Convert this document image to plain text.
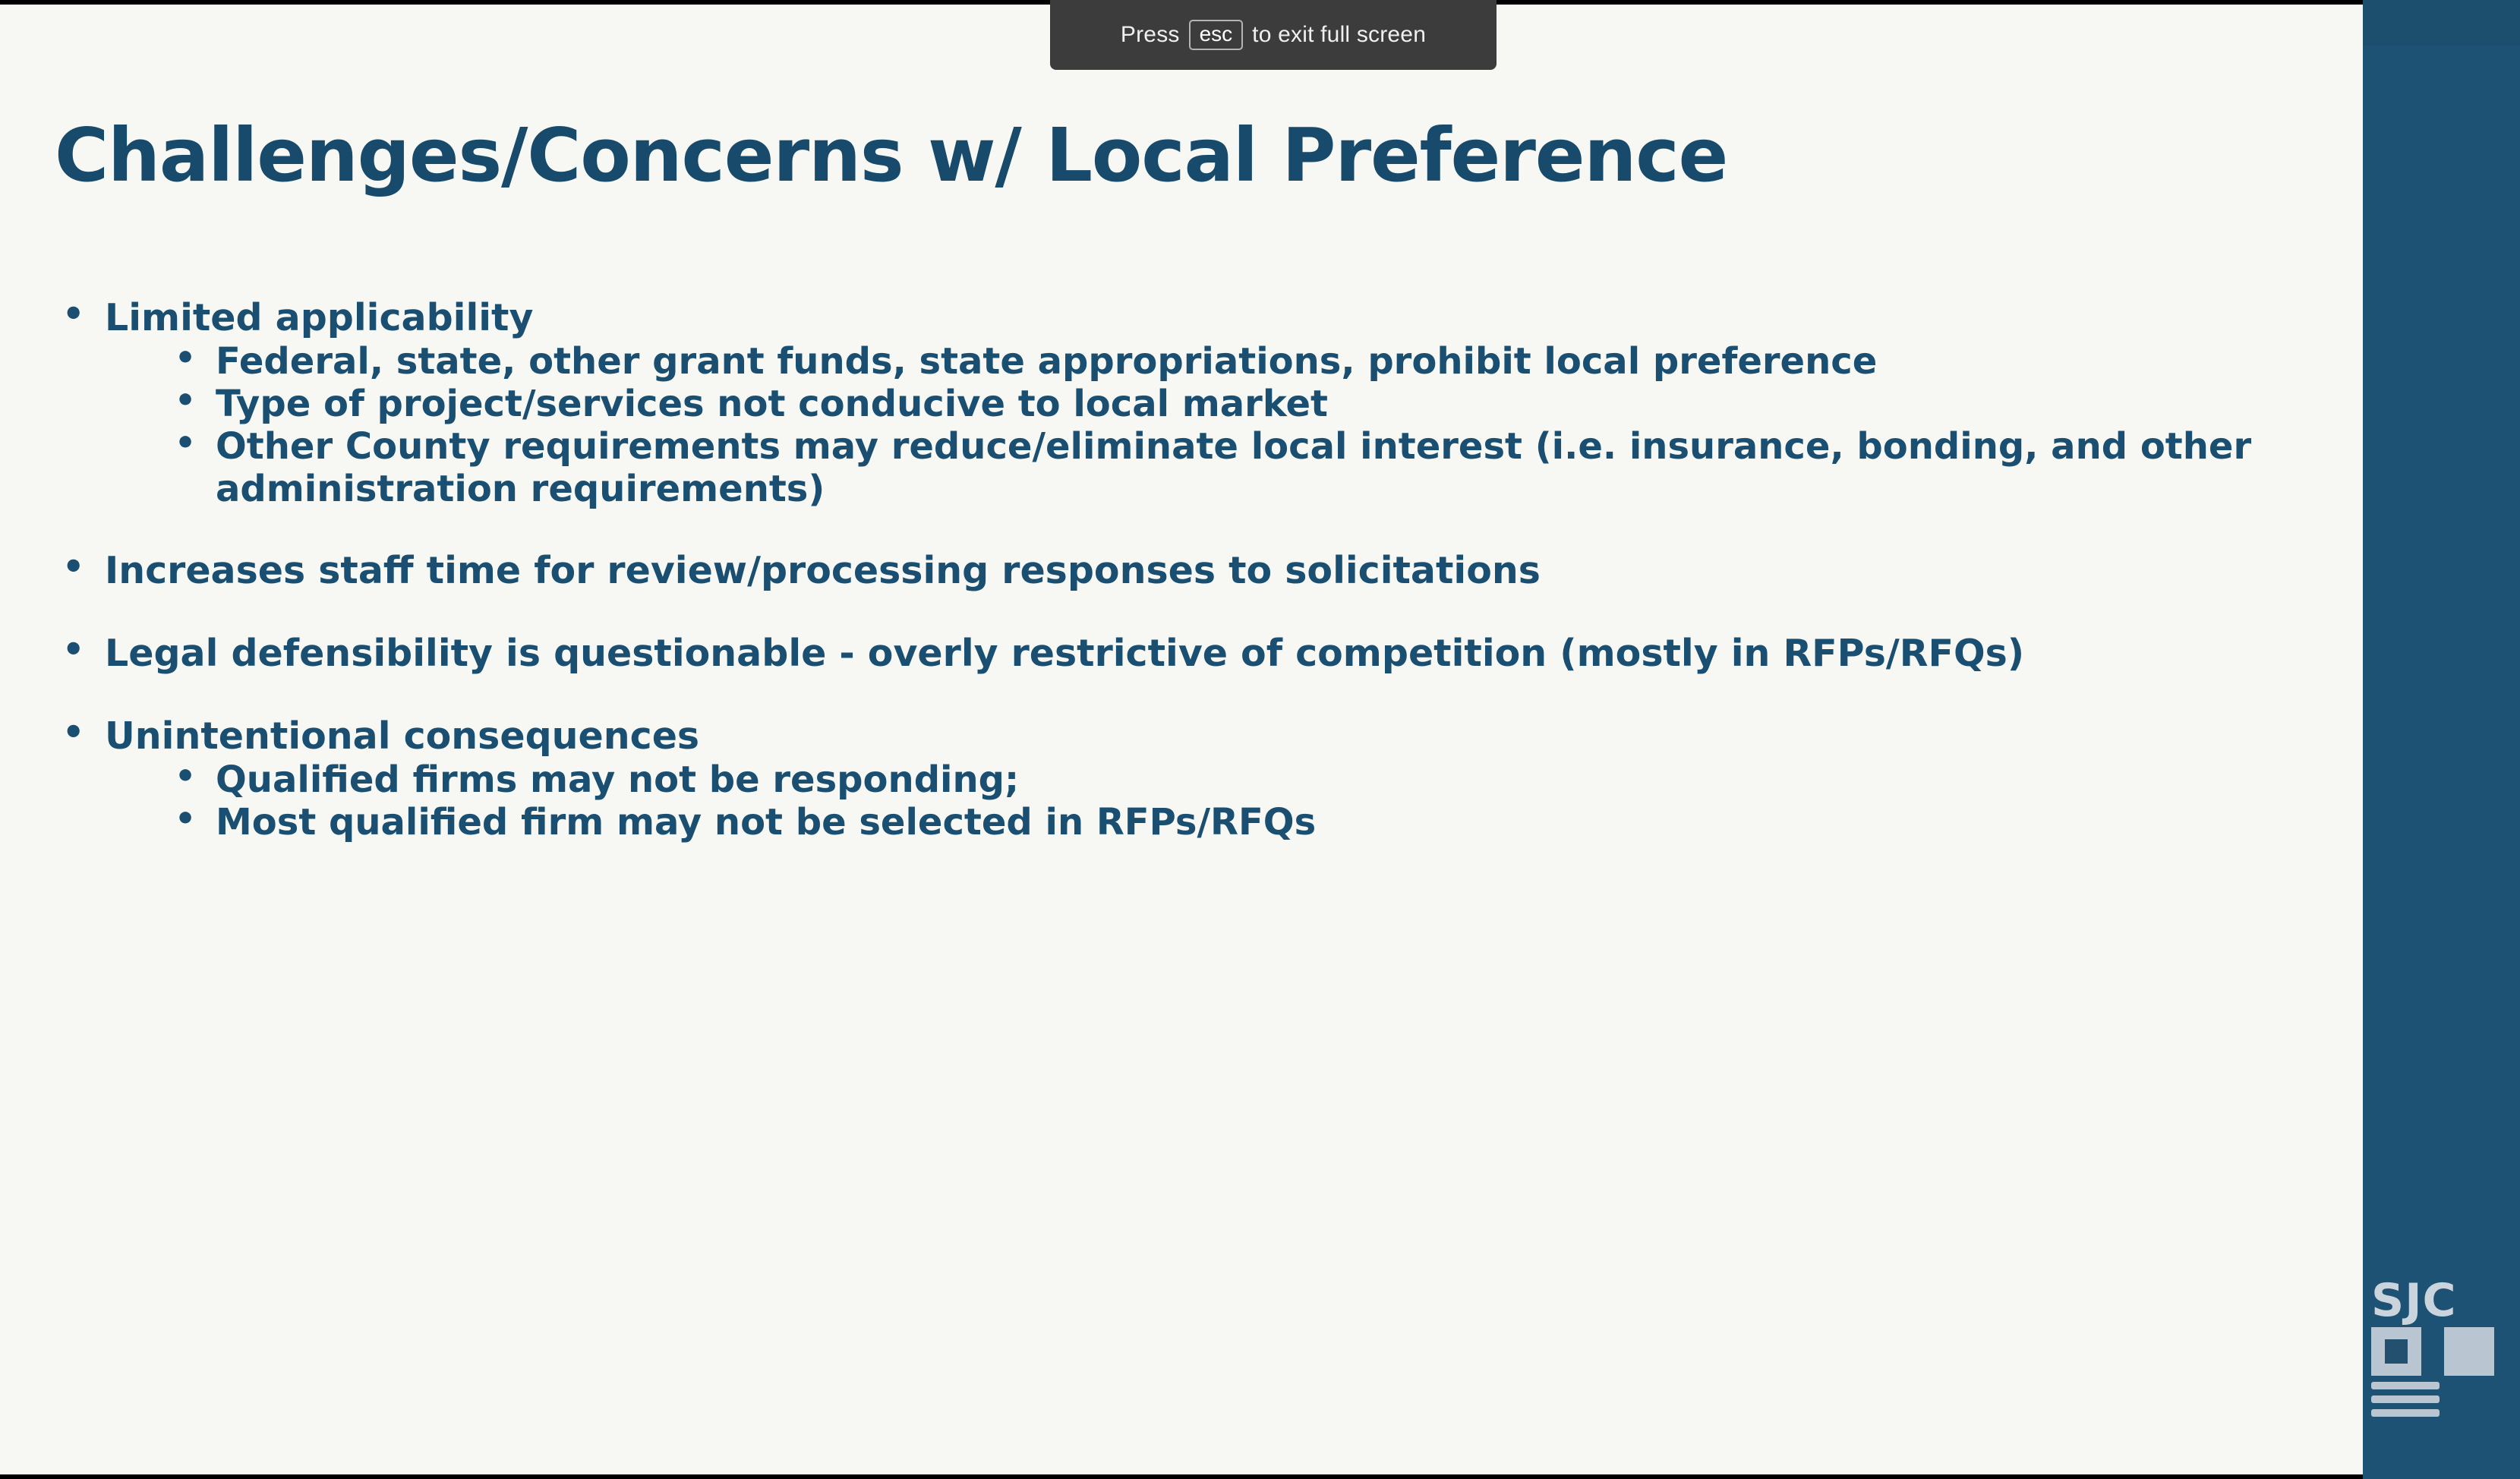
Challenges/Concerns w/ Local Preference
• Limited applicability
• Federal, state, other grant funds, state appropriations, prohibit local preference
• Type of project/services not conducive to local market
• Other County requirements may reduce/eliminate local interest (i.e. insurance, bonding, and other administration requirements)
• Increases staff time for review/processing responses to solicitations
• Legal defensibility is questionable - overly restrictive of competition (mostly in RFPs/RFQs)
• Unintentional consequences
• Qualified firms may not be responding;
• Most qualified firm may not be selected in RFPs/RFQs
SJC
Press esc to exit full screen
